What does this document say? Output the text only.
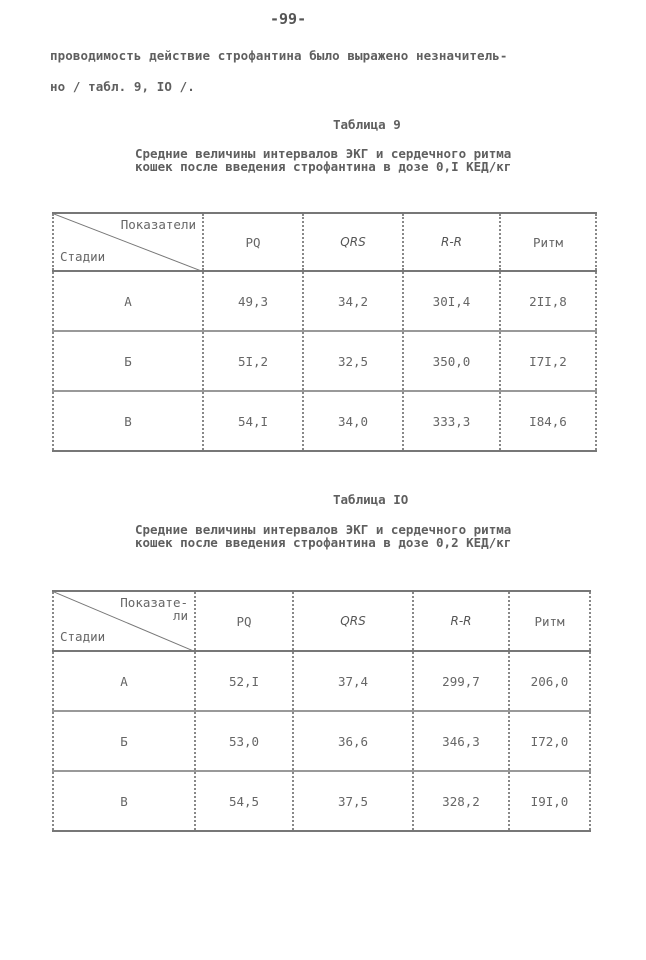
-99-
проводимость действие строфантина было выражено незначитель-
но / табл. 9, IO /.
Таблица 9
Средние величины интервалов ЭКГ и сердечного ритма
кошек после введения строфантина в дозе 0,I КЕД/кг
Показатели
Стадии	PQ	QRS	R-R	Ритм
А	49,3	34,2	30I,4	2II,8
Б	5I,2	32,5	350,0	I7I,2
В	54,I	34,0	333,3	I84,6
Таблица IO
Средние величины интервалов ЭКГ и сердечного ритма
кошек после введения строфантина в дозе 0,2 КЕД/кг
Показате-
ли
Стадии	PQ	QRS	R-R	Ритм
А	52,I	37,4	299,7	206,0
Б	53,0	36,6	346,3	I72,0
В	54,5	37,5	328,2	I9I,0
